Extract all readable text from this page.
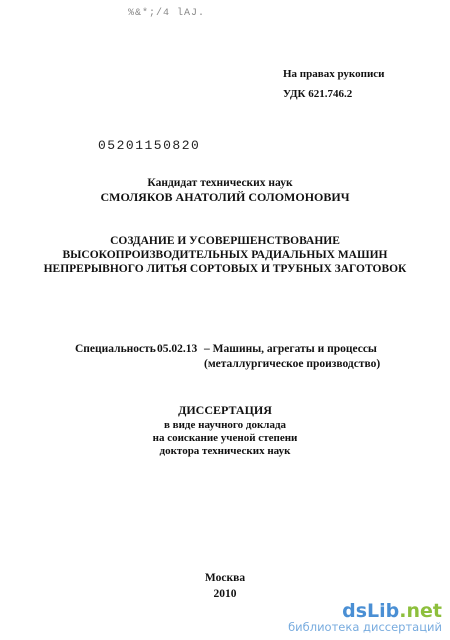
%&*;/4 lAJ.
На правах рукописи
УДК 621.746.2
05201150820
Кандидат технических наук
СМОЛЯКОВ АНАТОЛИЙ СОЛОМОНОВИЧ
СОЗДАНИЕ И УСОВЕРШЕНСТВОВАНИЕ
ВЫСОКОПРОИЗВОДИТЕЛЬНЫХ РАДИАЛЬНЫХ МАШИН
НЕПРЕРЫВНОГО ЛИТЬЯ СОРТОВЫХ И ТРУБНЫХ ЗАГОТОВОК
Специальность05.02.13 – Машины, агрегаты и процессы
(металлургическое производство)
ДИССЕРТАЦИЯ
в виде научного доклада
на соискание ученой степени
доктора технических наук
Москва
2010
dsLib.net
библиотека диссертаций
